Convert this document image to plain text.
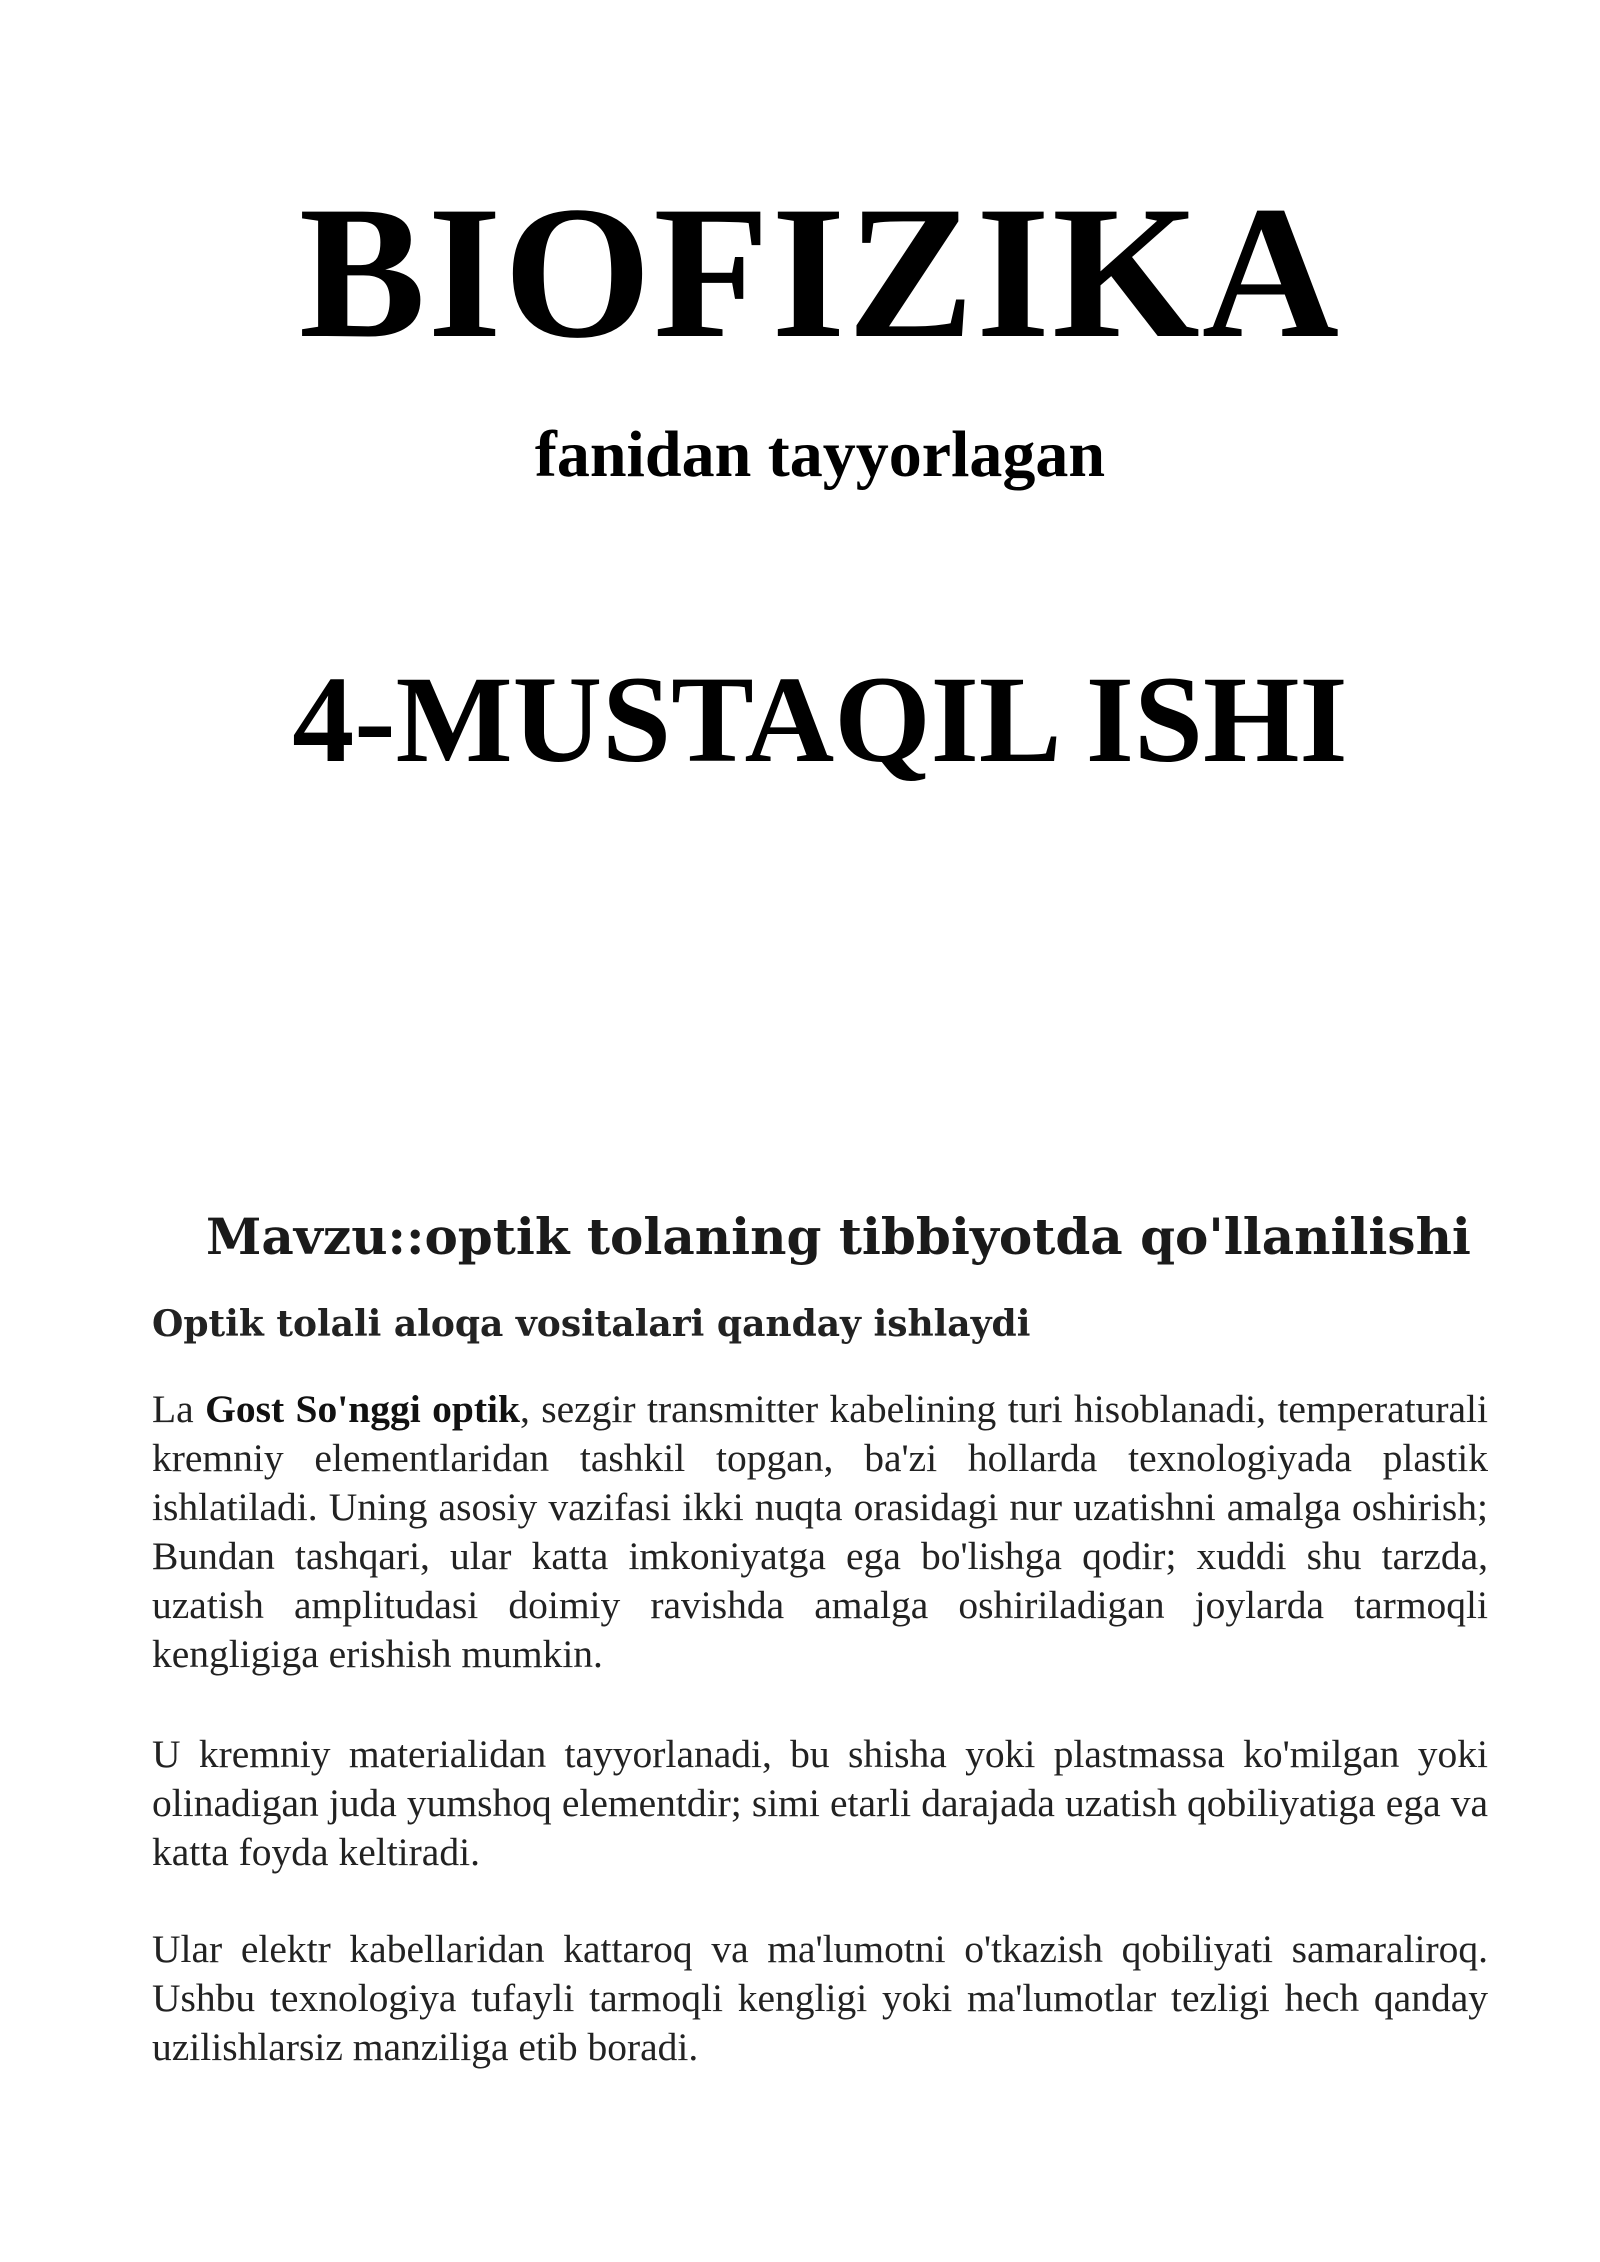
BIOFIZIKA
fanidan tayyorlagan
4-MUSTAQIL ISHI
Mavzu::optik tolaning tibbiyotda qo'llanilishi
Optik tolali aloqa vositalari qanday ishlaydi

La Gost So'nggi optik, sezgir transmitter kabelining turi hisoblanadi, temperaturali kremniy elementlaridan tashkil topgan, ba'zi hollarda texnologiyada plastik ishlatiladi. Uning asosiy vazifasi ikki nuqta orasidagi nur uzatishni amalga oshirish; Bundan tashqari, ular katta imkoniyatga ega bo'lishga qodir; xuddi shu tarzda, uzatish amplitudasi doimiy ravishda amalga oshiriladigan joylarda tarmoqli kengligiga erishish mumkin.

U kremniy materialidan tayyorlanadi, bu shisha yoki plastmassa ko'milgan yoki olinadigan juda yumshoq elementdir; simi etarli darajada uzatish qobiliyatiga ega va katta foyda keltiradi.

Ular elektr kabellaridan kattaroq va ma'lumotni o'tkazish qobiliyati samaraliroq. Ushbu texnologiya tufayli tarmoqli kengligi yoki ma'lumotlar tezligi hech qanday uzilishlarsiz manziliga etib boradi.
